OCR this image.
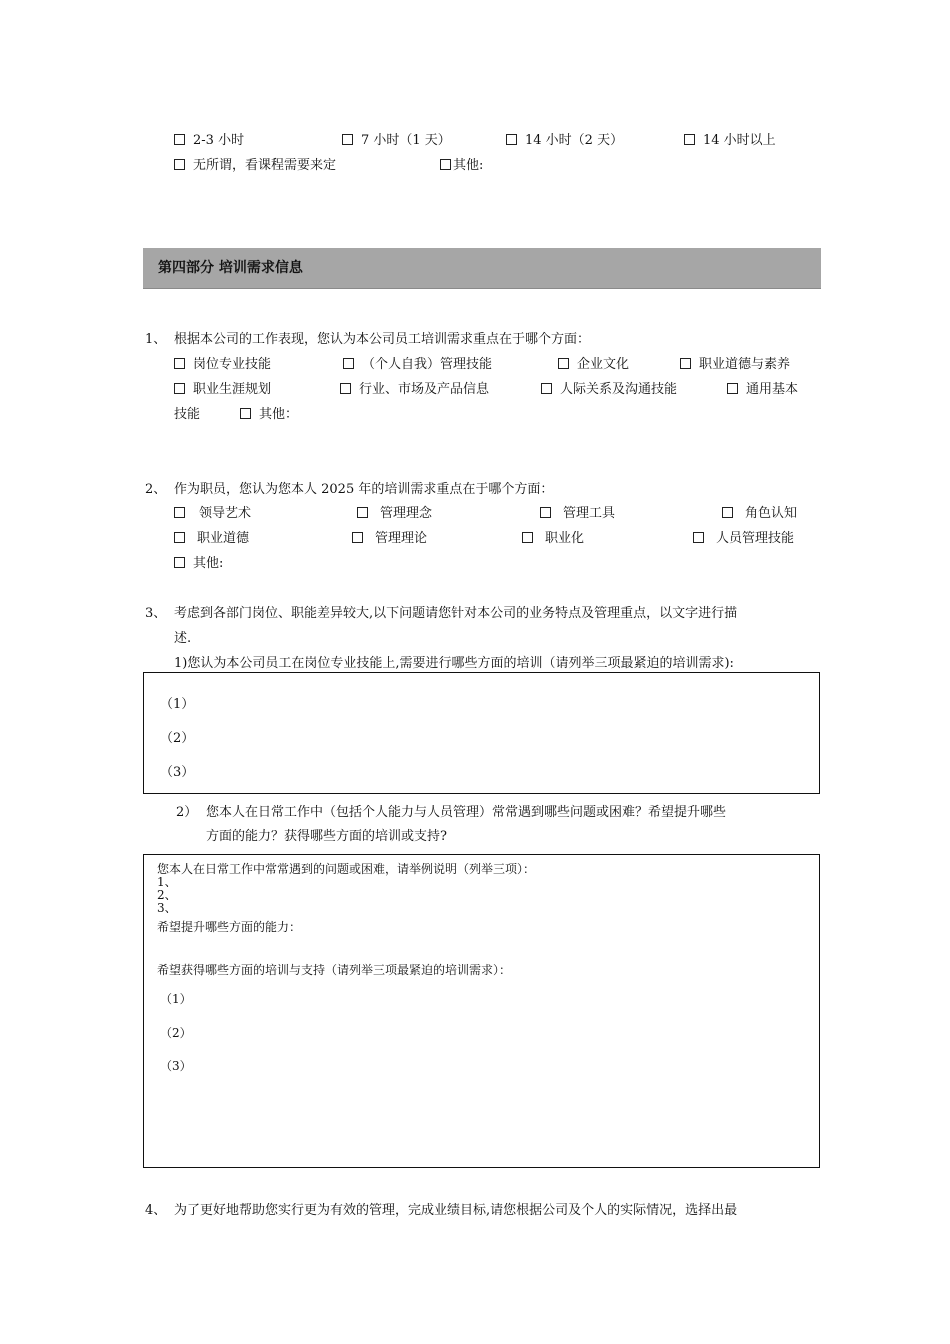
2-3 小时	7 小时（1 天）	14 小时（2 天）	14 小时以上
无所谓，看课程需要来定	其他:
第四部分 培训需求信息
1、 根据本公司的工作表现，您认为本公司员工培训需求重点在于哪个方面：
岗位专业技能	（个人自我）管理技能	企业文化	职业道德与素养
职业生涯规划	行业、市场及产品信息	人际关系及沟通技能	通用基本
技能	其他：
2、 作为职员，您认为您本人 2025 年的培训需求重点在于哪个方面：
领导艺术	管理理念	管理工具	角色认知
职业道德	管理理论	职业化	人员管理技能
其他:
3、 考虑到各部门岗位、职能差异较大,以下问题请您针对本公司的业务特点及管理重点，以文字进行描
述.
1)您认为本公司员工在岗位专业技能上,需要进行哪些方面的培训（请列举三项最紧迫的培训需求):
（1）
（2）
（3）
2） 您本人在日常工作中（包括个人能力与人员管理）常常遇到哪些问题或困难？希望提升哪些
方面的能力？获得哪些方面的培训或支持?
您本人在日常工作中常常遇到的问题或困难，请举例说明（列举三项）：
1、
2、
3、
希望提升哪些方面的能力：
希望获得哪些方面的培训与支持（请列举三项最紧迫的培训需求）：
（1）
（2）
（3）
4、 为了更好地帮助您实行更为有效的管理，完成业绩目标,请您根据公司及个人的实际情况，选择出最
